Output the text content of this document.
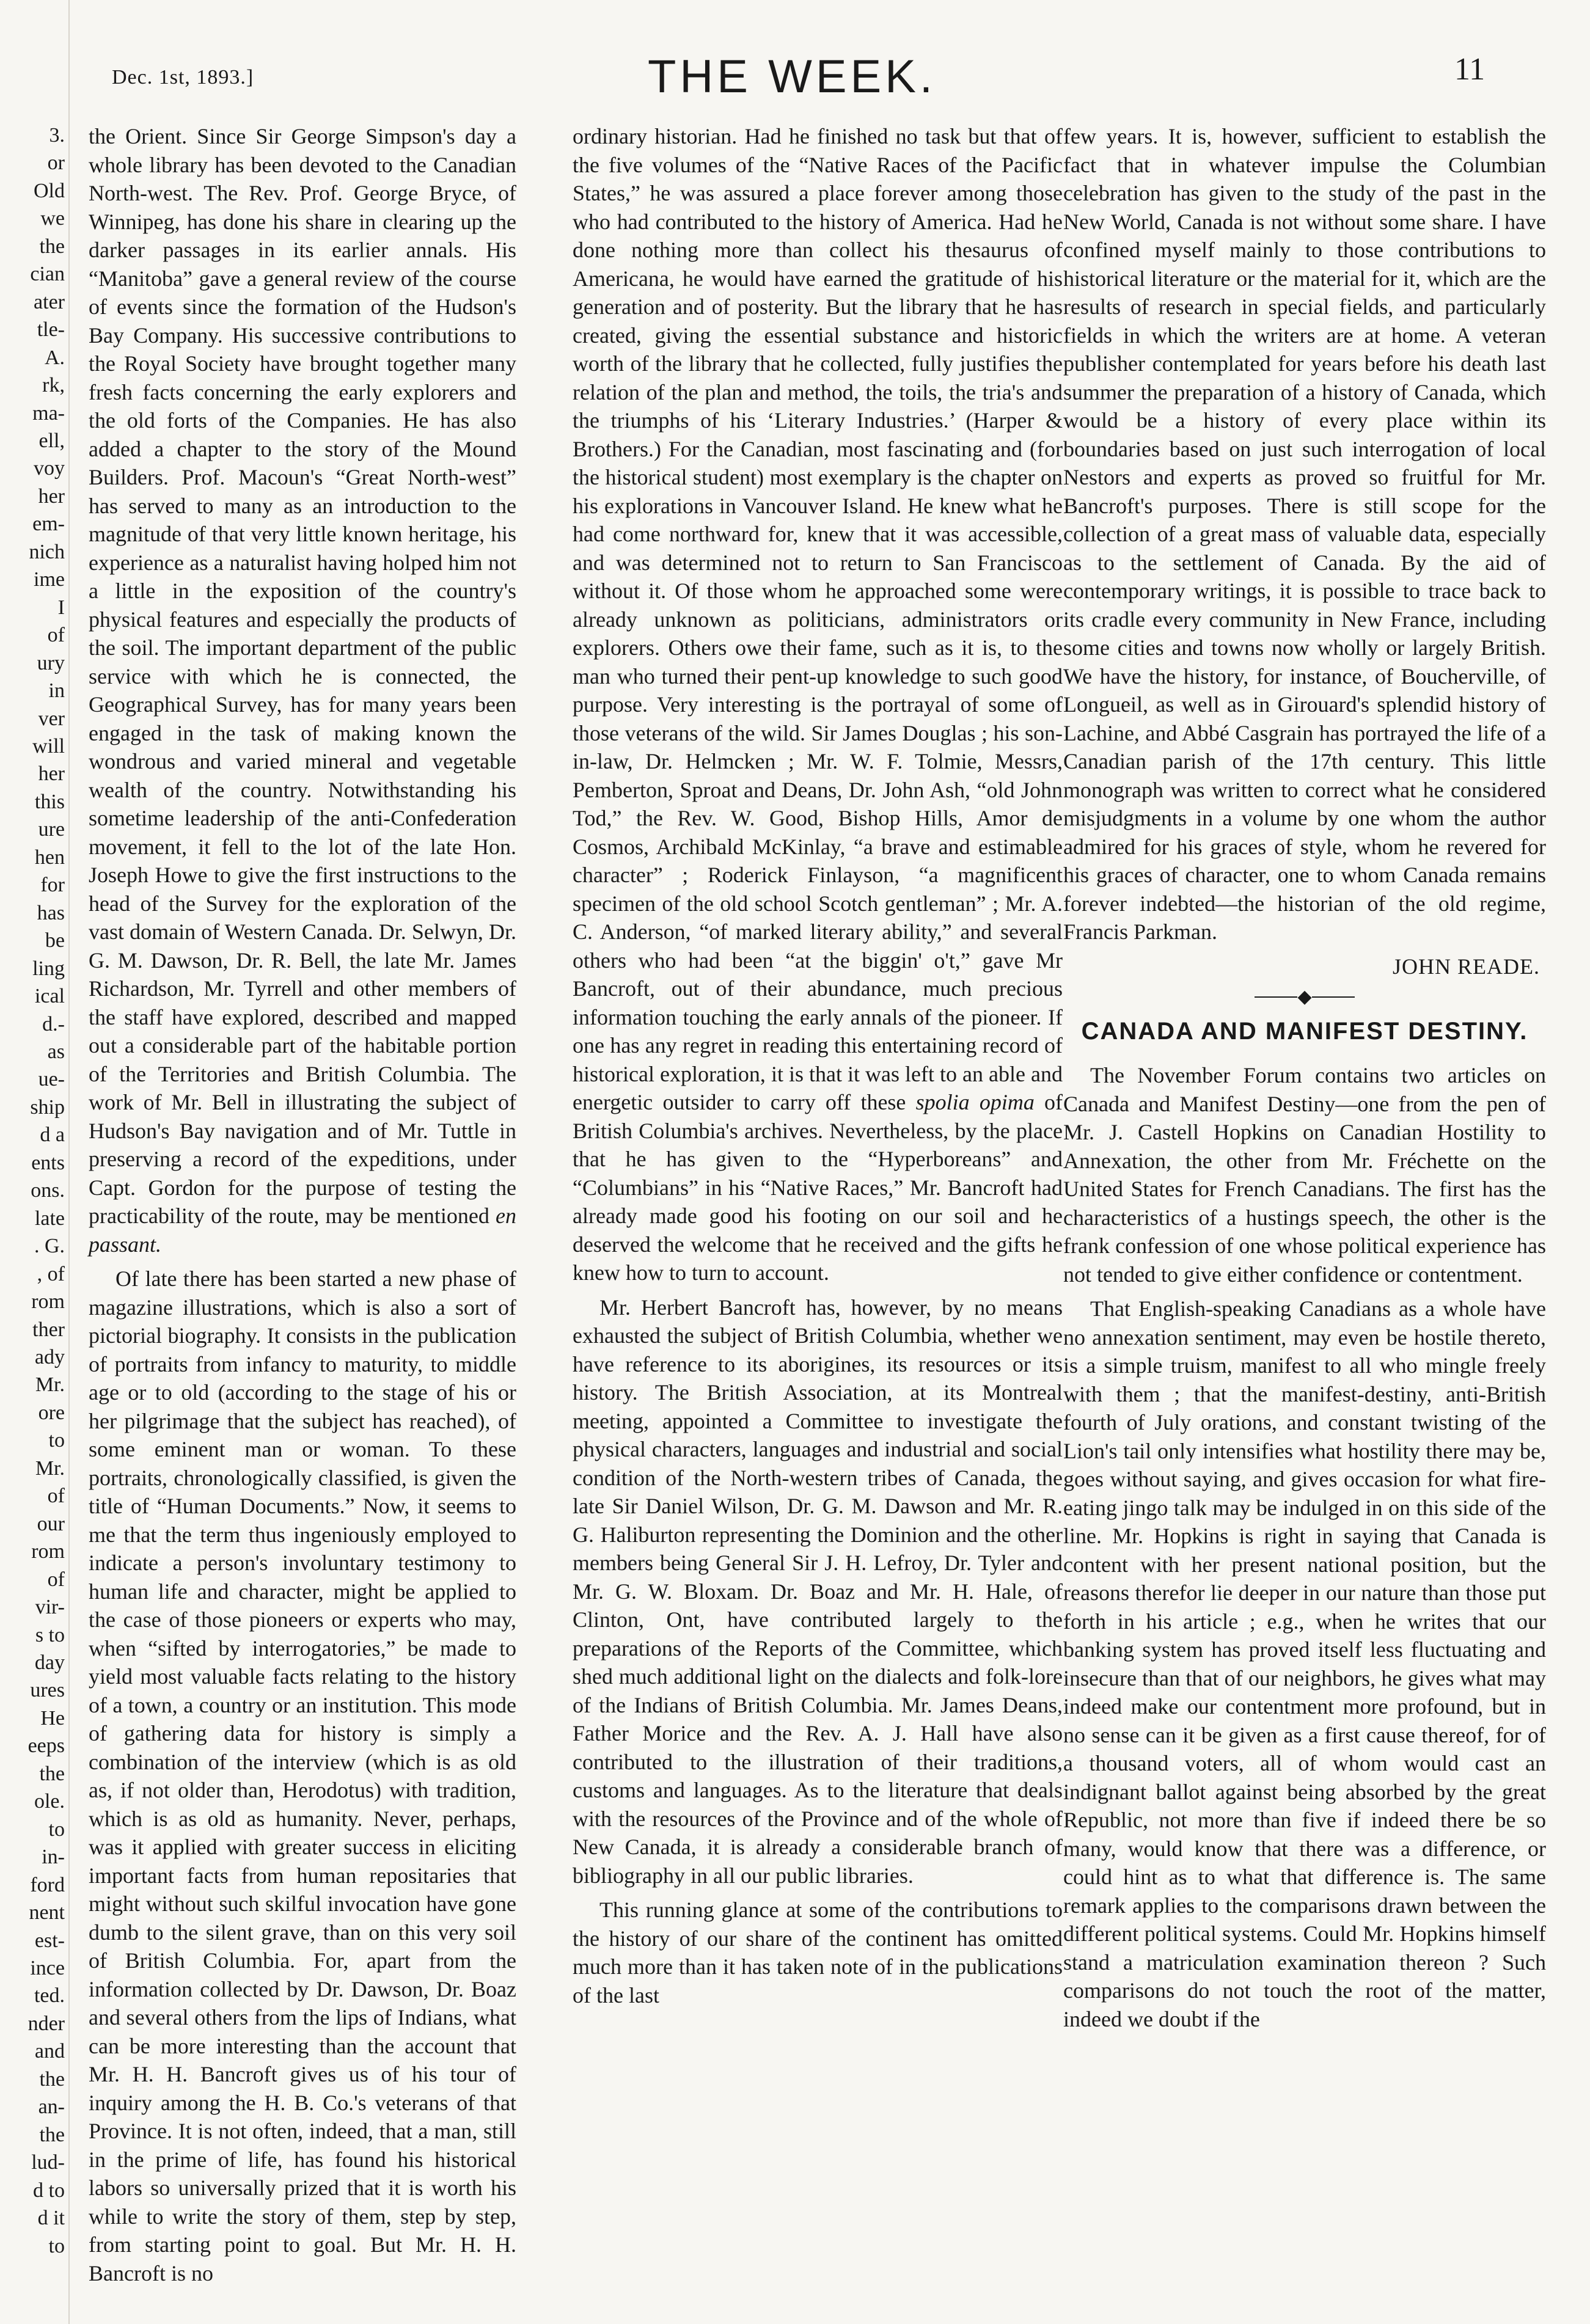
3.
or
Old
we
the
cian
ater
tle-
A.
rk,
ma-
ell,
voy
her
em-
nich
ime
I
of
ury
in
ver
will
her
this
ure
hen
for
has
be
ling
ical
d.-
as
ue-
ship
d a
ents
ons.
late
. G.
, of
rom
ther
ady
Mr.
ore
to
Mr.
of
our
rom
of
vir-
s to
day
ures
He
eeps
the
ole.
to
in-
ford
nent
est-
ince
ted.
nder
and
the
an-
the
lud-
d to
d it
to
Dec. 1st, 1893.]	THE WEEK.	11

the Orient. Since Sir George Simpson's day a whole library has been devoted to the Canadian North-west. The Rev. Prof. George Bryce, of Winnipeg, has done his share in clearing up the darker passages in its earlier annals. His “Manitoba” gave a general review of the course of events since the formation of the Hudson's Bay Company. His successive contributions to the Royal Society have brought together many fresh facts concerning the early explorers and the old forts of the Companies. He has also added a chapter to the story of the Mound Builders. Prof. Macoun's “Great North-west” has served to many as an introduction to the magnitude of that very little known heritage, his experience as a naturalist having holped him not a little in the exposition of the country's physical features and especially the products of the soil. The important department of the public service with which he is connected, the Geographical Survey, has for many years been engaged in the task of making known the wondrous and varied mineral and vegetable wealth of the country. Notwithstanding his sometime leadership of the anti-Confederation movement, it fell to the lot of the late Hon. Joseph Howe to give the first instructions to the head of the Survey for the exploration of the vast domain of Western Canada. Dr. Selwyn, Dr. G. M. Dawson, Dr. R. Bell, the late Mr. James Richardson, Mr. Tyrrell and other members of the staff have explored, described and mapped out a considerable part of the habitable portion of the Territories and British Columbia. The work of Mr. Bell in illustrating the subject of Hudson's Bay navigation and of Mr. Tuttle in preserving a record of the expeditions, under Capt. Gordon for the purpose of testing the practicability of the route, may be mentioned en passant.

Of late there has been started a new phase of magazine illustrations, which is also a sort of pictorial biography. It consists in the publication of portraits from infancy to maturity, to middle age or to old (according to the stage of his or her pilgrimage that the subject has reached), of some eminent man or woman. To these portraits, chronologically classified, is given the title of “Human Documents.” Now, it seems to me that the term thus ingeniously employed to indicate a person's involuntary testimony to human life and character, might be applied to the case of those pioneers or experts who may, when “sifted by interrogatories,” be made to yield most valuable facts relating to the history of a town, a country or an institution. This mode of gathering data for history is simply a combination of the interview (which is as old as, if not older than, Herodotus) with tradition, which is as old as humanity. Never, perhaps, was it applied with greater success in eliciting important facts from human repositaries that might without such skilful invocation have gone dumb to the silent grave, than on this very soil of British Columbia. For, apart from the information collected by Dr. Dawson, Dr. Boaz and several others from the lips of Indians, what can be more interesting than the account that Mr. H. H. Bancroft gives us of his tour of inquiry among the H. B. Co.'s veterans of that Province. It is not often, indeed, that a man, still in the prime of life, has found his historical labors so universally prized that it is worth his while to write the story of them, step by step, from starting point to goal. But Mr. H. H. Bancroft is no

ordinary historian. Had he finished no task but that of the five volumes of the “Native Races of the Pacific States,” he was assured a place forever among those who had contributed to the history of America. Had he done nothing more than collect his thesaurus of Americana, he would have earned the gratitude of his generation and of posterity. But the library that he has created, giving the essential substance and historic worth of the library that he collected, fully justifies the relation of the plan and method, the toils, the tria's and the triumphs of his ‘Literary Industries.’ (Harper & Brothers.) For the Canadian, most fascinating and (for the historical student) most exemplary is the chapter on his explorations in Vancouver Island. He knew what he had come northward for, knew that it was accessible, and was determined not to return to San Francisco without it. Of those whom he approached some were already unknown as politicians, administrators or explorers. Others owe their fame, such as it is, to the man who turned their pent-up knowledge to such good purpose. Very interesting is the portrayal of some of those veterans of the wild. Sir James Douglas ; his son-in-law, Dr. Helmcken ; Mr. W. F. Tolmie, Messrs, Pemberton, Sproat and Deans, Dr. John Ash, “old John Tod,” the Rev. W. Good, Bishop Hills, Amor de Cosmos, Archibald McKinlay, “a brave and estimable character” ; Roderick Finlayson, “a magnificent specimen of the old school Scotch gentleman” ; Mr. A. C. Anderson, “of marked literary ability,” and several others who had been “at the biggin' o't,” gave Mr Bancroft, out of their abundance, much precious information touching the early annals of the pioneer. If one has any regret in reading this entertaining record of historical exploration, it is that it was left to an able and energetic outsider to carry off these spolia opima of British Columbia's archives. Nevertheless, by the place that he has given to the “Hyperboreans” and “Columbians” in his “Native Races,” Mr. Bancroft had already made good his footing on our soil and he deserved the welcome that he received and the gifts he knew how to turn to account.

Mr. Herbert Bancroft has, however, by no means exhausted the subject of British Columbia, whether we have reference to its aborigines, its resources or its history. The British Association, at its Montreal meeting, appointed a Committee to investigate the physical characters, languages and industrial and social condition of the North-western tribes of Canada, the late Sir Daniel Wilson, Dr. G. M. Dawson and Mr. R. G. Haliburton representing the Dominion and the other members being General Sir J. H. Lefroy, Dr. Tyler and Mr. G. W. Bloxam. Dr. Boaz and Mr. H. Hale, of Clinton, Ont, have contributed largely to the preparations of the Reports of the Committee, which shed much additional light on the dialects and folk-lore of the Indians of British Columbia. Mr. James Deans, Father Morice and the Rev. A. J. Hall have also contributed to the illustration of their traditions, customs and languages. As to the literature that deals with the resources of the Province and of the whole of New Canada, it is already a considerable branch of bibliography in all our public libraries.

This running glance at some of the contributions to the history of our share of the continent has omitted much more than it has taken note of in the publications of the last

few years. It is, however, sufficient to establish the fact that in whatever impulse the Columbian celebration has given to the study of the past in the New World, Canada is not without some share. I have confined myself mainly to those contributions to historical literature or the material for it, which are the results of research in special fields, and particularly fields in which the writers are at home. A veteran publisher contemplated for years before his death last summer the preparation of a history of Canada, which would be a history of every place within its boundaries based on just such interrogation of local Nestors and experts as proved so fruitful for Mr. Bancroft's purposes. There is still scope for the collection of a great mass of valuable data, especially as to the settlement of Canada. By the aid of contemporary writings, it is possible to trace back to its cradle every community in New France, including some cities and towns now wholly or largely British. We have the history, for instance, of Boucherville, of Longueil, as well as in Girouard's splendid history of Lachine, and Abbé Casgrain has portrayed the life of a Canadian parish of the 17th century. This little monograph was written to correct what he considered misjudgments in a volume by one whom the author admired for his graces of style, whom he revered for his graces of character, one to whom Canada remains forever indebted—the historian of the old regime, Francis Parkman.

JOHN READE.
◆
CANADA AND MANIFEST DESTINY.

The November Forum contains two articles on Canada and Manifest Destiny—one from the pen of Mr. J. Castell Hopkins on Canadian Hostility to Annexation, the other from Mr. Fréchette on the United States for French Canadians. The first has the characteristics of a hustings speech, the other is the frank confession of one whose political experience has not tended to give either confidence or contentment.

That English-speaking Canadians as a whole have no annexation sentiment, may even be hostile thereto, is a simple truism, manifest to all who mingle freely with them ; that the manifest-destiny, anti-British fourth of July orations, and constant twisting of the Lion's tail only intensifies what hostility there may be, goes without saying, and gives occasion for what fire-eating jingo talk may be indulged in on this side of the line. Mr. Hopkins is right in saying that Canada is content with her present national position, but the reasons therefor lie deeper in our nature than those put forth in his article ; e.g., when he writes that our banking system has proved itself less fluctuating and insecure than that of our neighbors, he gives what may indeed make our contentment more profound, but in no sense can it be given as a first cause thereof, for of a thousand voters, all of whom would cast an indignant ballot against being absorbed by the great Republic, not more than five if indeed there be so many, would know that there was a difference, or could hint as to what that difference is. The same remark applies to the comparisons drawn between the different political systems. Could Mr. Hopkins himself stand a matriculation examination thereon ? Such comparisons do not touch the root of the matter, indeed we doubt if the
